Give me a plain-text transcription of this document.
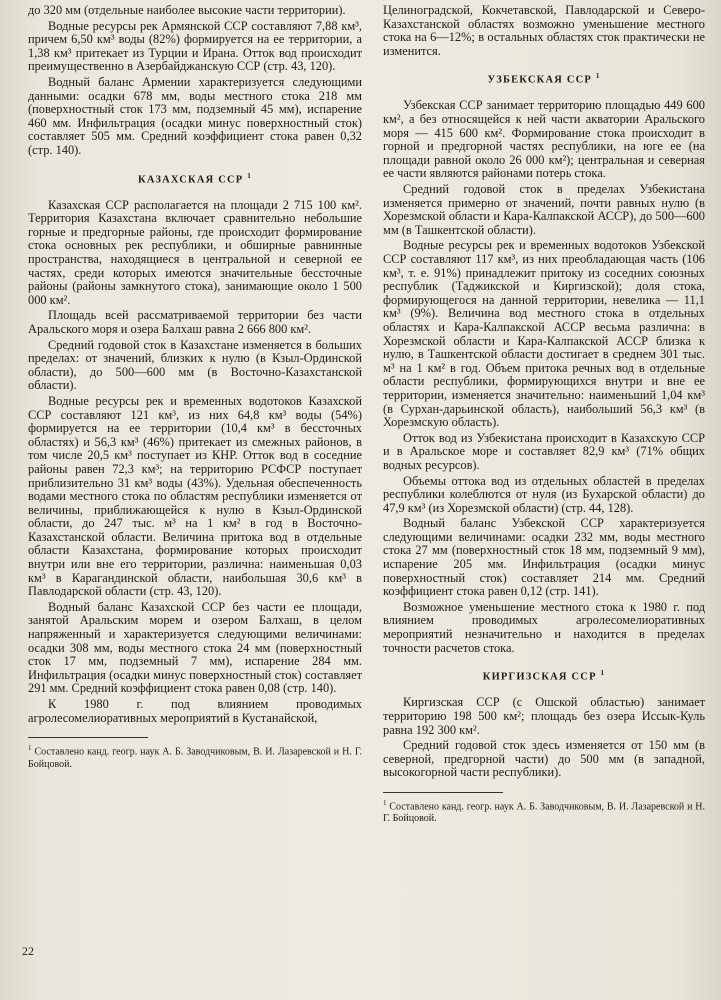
до 320 мм (отдельные наиболее высокие части территории).

Водные ресурсы рек Армянской ССР составляют 7,88 км³, причем 6,50 км³ воды (82%) формируется на ее территории, а 1,38 км³ притекает из Турции и Ирана. Отток вод происходит преимущественно в Азербайджанскую ССР (стр. 43, 120).

Водный баланс Армении характеризуется следующими данными: осадки 678 мм, воды местного стока 218 мм (поверхностный сток 173 мм, подземный 45 мм), испарение 460 мм. Инфильтрация (осадки минус поверхностный сток) составляет 505 мм. Средний коэффициент стока равен 0,32 (стр. 140).

КАЗАХСКАЯ ССР $^1$

Казахская ССР располагается на площади 2 715 100 км². Территория Казахстана включает сравнительно небольшие горные и предгорные районы, где происходит формирование стока основных рек республики, и обширные равнинные пространства, находящиеся в центральной и северной ее частях, среди которых имеются значительные бессточные районы (районы замкнутого стока), занимающие около 1 500 000 км².

Площадь всей рассматриваемой территории без части Аральского моря и озера Балхаш равна 2 666 800 км².

Средний годовой сток в Казахстане изменяется в больших пределах: от значений, близких к нулю (в Кзыл-Ординской области), до 500—600 мм (в Восточно-Казахстанской области).

Водные ресурсы рек и временных водотоков Казахской ССР составляют 121 км³, из них 64,8 км³ воды (54%) формируется на ее территории (10,4 км³ в бессточных областях) и 56,3 км³ (46%) притекает из смежных районов, в том числе 20,5 км³ поступает из КНР. Отток вод в соседние районы равен 72,3 км³; на территорию РСФСР поступает приблизительно 31 км³ воды (43%). Удельная обеспеченность водами местного стока по областям республики изменяется от величины, приближающейся к нулю в Кзыл-Ординской области, до 247 тыс. м³ на 1 км² в год в Восточно-Казахстанской области. Величина притока вод в отдельные области Казахстана, формирование которых происходит внутри или вне его территории, различна: наименьшая 0,03 км³ в Карагандинской области, наибольшая 30,6 км³ в Павлодарской области (стр. 43, 120).

Водный баланс Казахской ССР без части ее площади, занятой Аральским морем и озером Балхаш, в целом напряженный и характеризуется следующими величинами: осадки 308 мм, воды местного стока 24 мм (поверхностный сток 17 мм, подземный 7 мм), испарение 284 мм. Инфильтрация (осадки минус поверхностный сток) составляет 291 мм. Средний коэффициент стока равен 0,08 (стр. 140).

К 1980 г. под влиянием проводимых агролесомелиоративных мероприятий в Кустанайской,

$^1$ Составлено канд. геогр. наук А. Б. Заводчиковым, В. И. Лазаревской и Н. Г. Бойцовой.

Целиноградской, Кокчетавской, Павлодарской и Северо-Казахстанской областях возможно уменьшение местного стока на 6—12%; в остальных областях сток практически не изменится.

УЗБЕКСКАЯ ССР $^1$

Узбекская ССР занимает территорию площадью 449 600 км², а без относящейся к ней части акватории Аральского моря — 415 600 км². Формирование стока происходит в горной и предгорной частях республики, на юге ее (на площади равной около 26 000 км²); центральная и северная ее части являются районами потерь стока.

Средний годовой сток в пределах Узбекистана изменяется примерно от значений, почти равных нулю (в Хорезмской области и Кара-Калпакской АССР), до 500—600 мм (в Ташкентской области).

Водные ресурсы рек и временных водотоков Узбекской ССР составляют 117 км³, из них преобладающая часть (106 км³, т. е. 91%) принадлежит притоку из соседних союзных республик (Таджикской и Киргизской); доля стока, формирующегося на данной территории, невелика — 11,1 км³ (9%). Величина вод местного стока в отдельных областях и Кара-Калпакской АССР весьма различна: в Хорезмской области и Кара-Калпакской АССР близка к нулю, в Ташкентской области достигает в среднем 301 тыс. м³ на 1 км² в год. Объем притока речных вод в отдельные области республики, формирующихся внутри и вне ее территории, изменяется значительно: наименьший 1,04 км³ (в Сурхан-дарьинской область), наибольший 56,3 км³ (в Хорезмскую область).

Отток вод из Узбекистана происходит в Казахскую ССР и в Аральское море и составляет 82,9 км³ (71% общих водных ресурсов).

Объемы оттока вод из отдельных областей в пределах республики колеблются от нуля (из Бухарской области) до 47,9 км³ (из Хорезмской области) (стр. 44, 128).

Водный баланс Узбекской ССР характеризуется следующими величинами: осадки 232 мм, воды местного стока 27 мм (поверхностный сток 18 мм, подземный 9 мм), испарение 205 мм. Инфильтрация (осадки минус поверхностный сток) составляет 214 мм. Средний коэффициент стока равен 0,12 (стр. 141).

Возможное уменьшение местного стока к 1980 г. под влиянием проводимых агролесомелиоративных мероприятий незначительно и находится в пределах точности расчетов стока.

КИРГИЗСКАЯ ССР $^1$

Киргизская ССР (с Ошской областью) занимает территорию 198 500 км²; площадь без озера Иссык-Куль равна 192 300 км².

Средний годовой сток здесь изменяется от 150 мм (в северной, предгорной части) до 500 мм (в западной, высокогорной части республики).

$^1$ Составлено канд. геогр. наук А. Б. Заводчиковым, В. И. Лазаревской и Н. Г. Бойцовой.

22
